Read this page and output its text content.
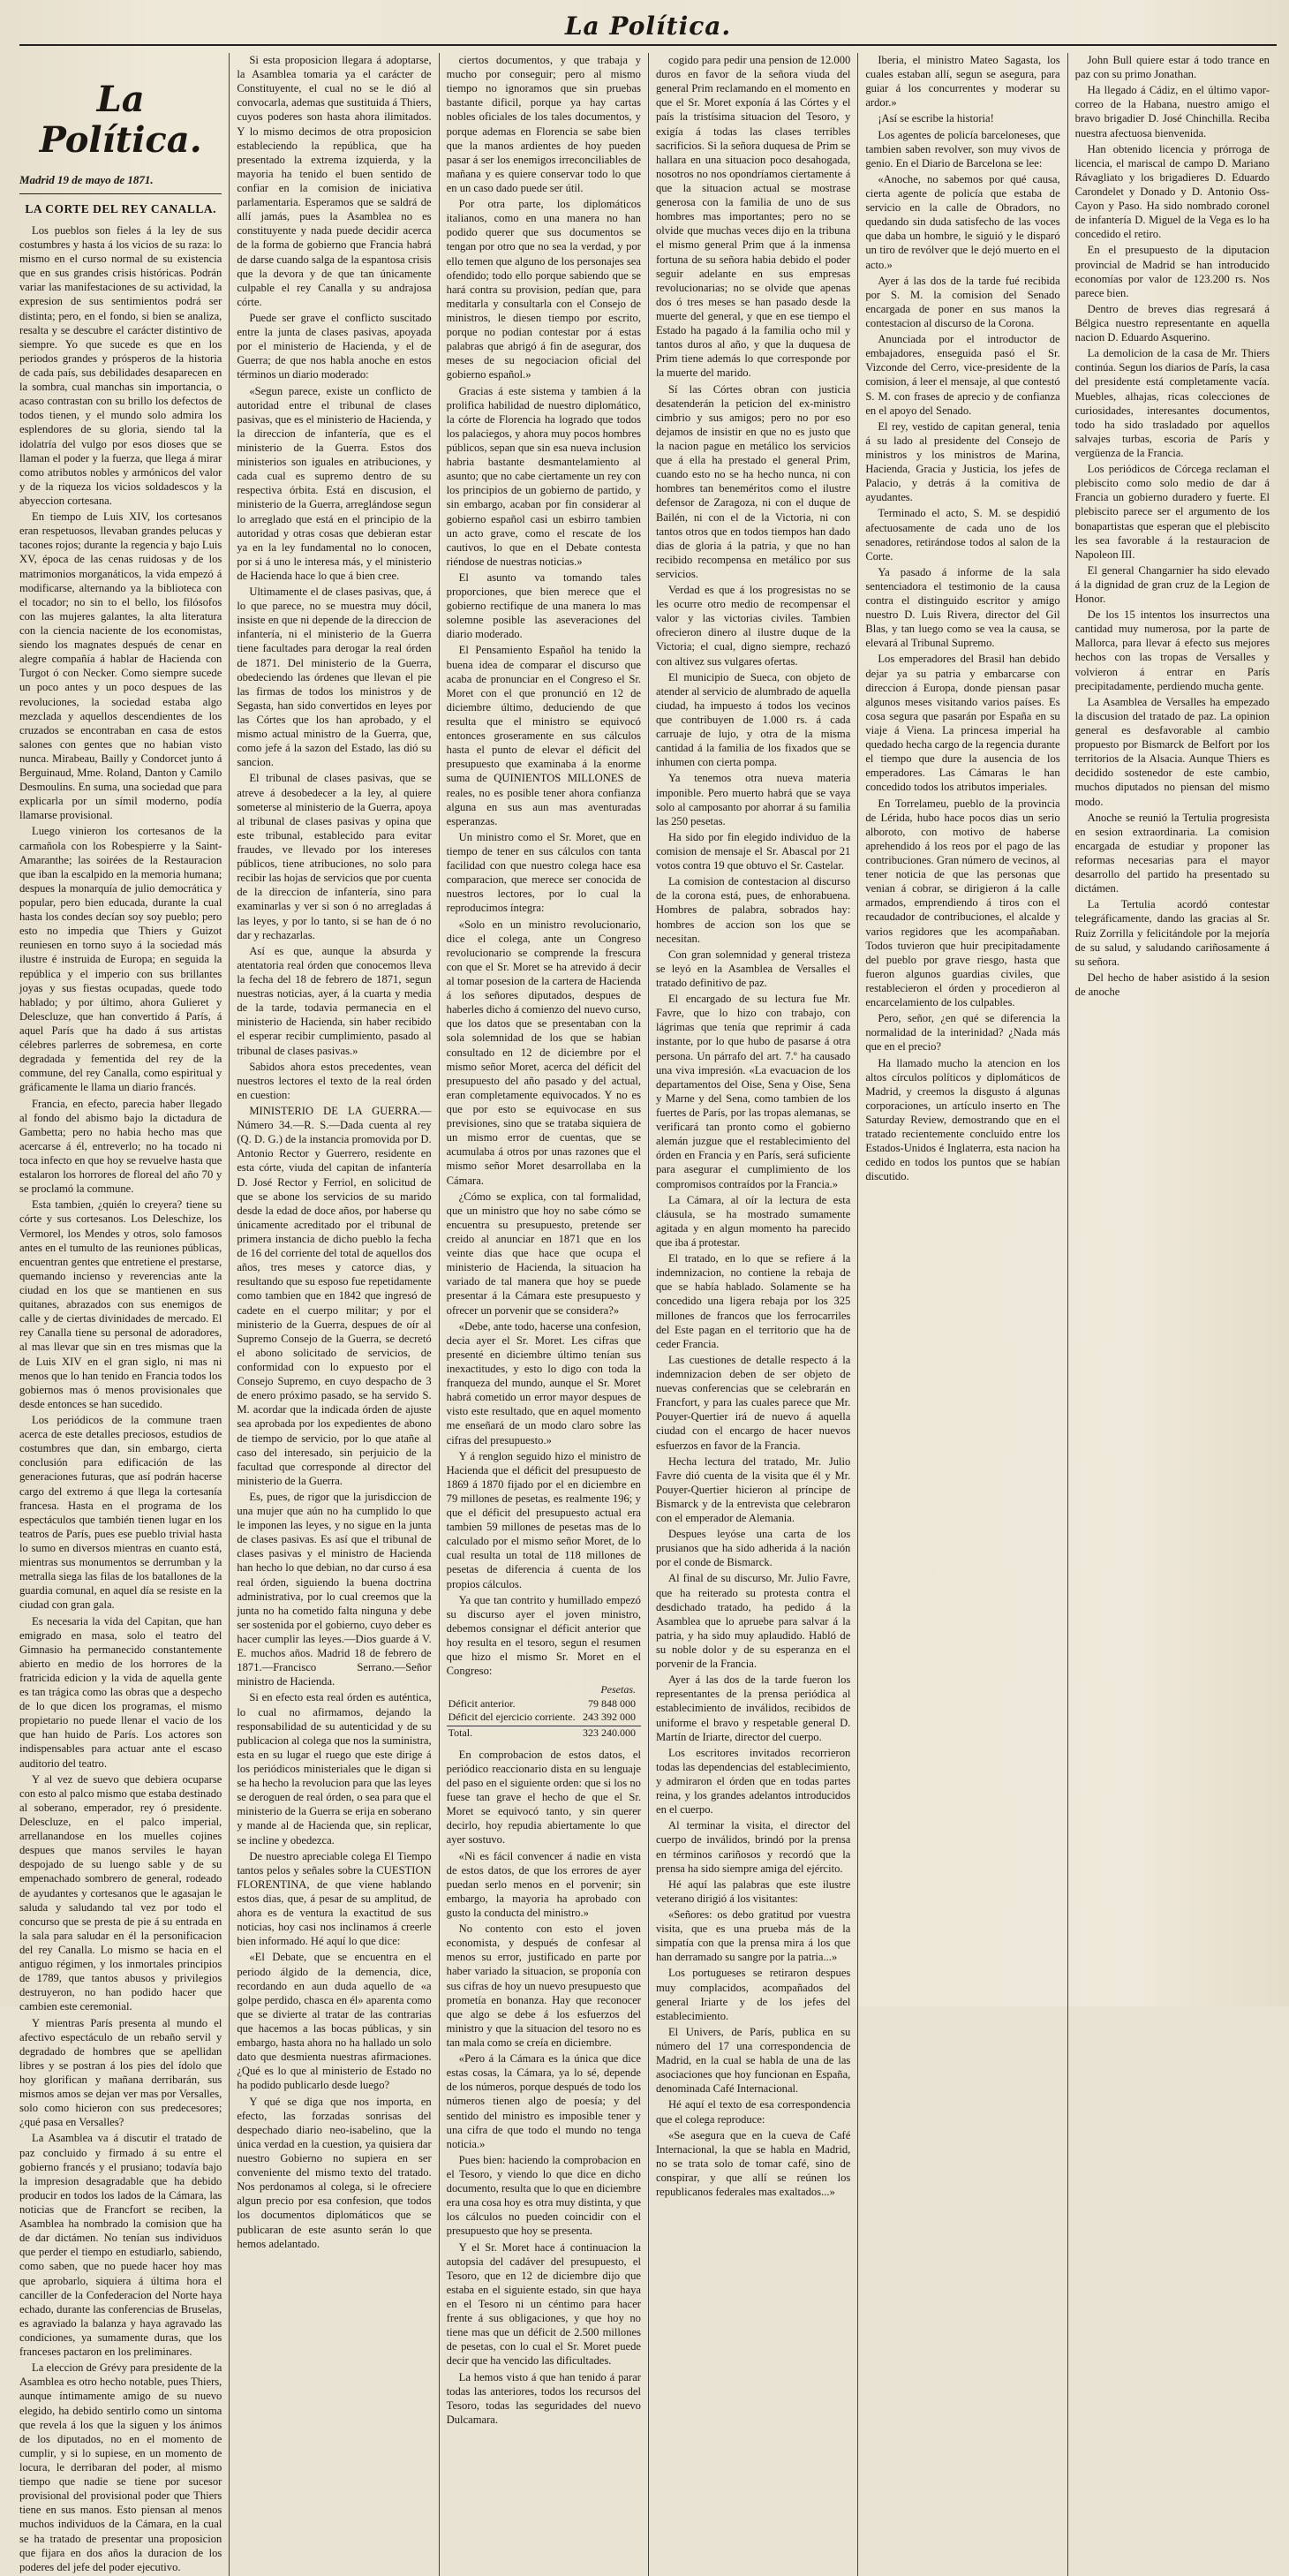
La Política.
La Política.
Madrid 19 de mayo de 1871.
LA CORTE DEL REY CANALLA.

Los pueblos son fieles á la ley de sus costumbres y hasta á los vicios de su raza: lo mismo en el curso normal de su existencia que en sus grandes crisis históricas. Podrán variar las manifestaciones de su actividad, la expresion de sus sentimientos podrá ser distinta; pero, en el fondo, si bien se analiza, resalta y se descubre el carácter distintivo de siempre. Yo que sucede es que en los periodos grandes y prósperos de la historia de cada país, sus debilidades desaparecen en la sombra, cual manchas sin importancia, o acaso contrastan con su brillo los defectos de todos tienen, y el mundo solo admira los esplendores de su gloria, siendo tal la idolatría del vulgo por esos dioses que se llaman el poder y la fuerza, que llega á mirar como atributos nobles y armónicos del valor y de la riqueza los vicios soldadescos y la abyeccion cortesana.

En tiempo de Luis XIV, los cortesanos eran respetuosos, llevaban grandes pelucas y tacones rojos; durante la regencia y bajo Luis XV, época de las cenas ruidosas y de los matrimonios morganáticos, la vida empezó á modificarse, alternando ya la biblioteca con el tocador; no sin to el bello, los filósofos con las mujeres galantes, la alta literatura con la ciencia naciente de los economistas, siendo los magnates después de cenar en alegre compañía á hablar de Hacienda con Turgot ó con Necker. Como siempre sucede un poco antes y un poco despues de las revoluciones, la sociedad estaba algo mezclada y aquellos descendientes de los cruzados se encontraban en casa de estos salones con gentes que no habian visto nunca. Mirabeau, Bailly y Condorcet junto á Berguinaud, Mme. Roland, Danton y Camilo Desmoulins. En suma, una sociedad que para explicarla por un símil moderno, podía llamarse provisional.

Luego vinieron los cortesanos de la carmañola con los Robespierre y la Saint-Amaranthe; las soirées de la Restauracion que iban la escalpido en la memoria humana; despues la monarquía de julio democrática y popular, pero bien educada, durante la cual hasta los condes decían soy soy pueblo; pero esto no impedia que Thiers y Guizot reuniesen en torno suyo á la sociedad más ilustre é instruida de Europa; en seguida la república y el imperio con sus brillantes joyas y sus fiestas ocupadas, quede todo hablado; y por último, ahora Gulieret y Delescluze, que han convertido á París, á aquel París que ha dado á sus artistas célebres parlerres de sobremesa, en corte degradada y fementida del rey de la commune, del rey Canalla, como espiritual y gráficamente le llama un diario francés.

Francia, en efecto, parecia haber llegado al fondo del abismo bajo la dictadura de Gambetta; pero no habia hecho mas que acercarse á él, entreverlo; no ha tocado ni toca infecto en que hoy se revuelve hasta que estalaron los horrores de floreal del año 70 y se proclamó la commune.

Esta tambien, ¿quién lo creyera? tiene su córte y sus cortesanos. Los Deleschize, los Vermorel, los Mendes y otros, solo famosos antes en el tumulto de las reuniones públicas, encuentran gentes que entretiene el prestarse, quemando incienso y reverencias ante la ciudad en los que se mantienen en sus quitanes, abrazados con sus enemigos de calle y de ciertas divinidades de mercado. El rey Canalla tiene su personal de adoradores, al mas llevar que sin en tres mismas que la de Luis XIV en el gran siglo, ni mas ni menos que lo han tenido en Francia todos los gobiernos mas ó menos provisionales que desde entonces se han sucedido.

Los periódicos de la commune traen acerca de este detalles preciosos, estudios de costumbres que dan, sin embargo, cierta conclusión para edificación de las generaciones futuras, que así podrán hacerse cargo del extremo á que llega la cortesanía francesa. Hasta en el programa de los espectáculos que también tienen lugar en los teatros de París, pues ese pueblo trivial hasta lo sumo en diversos mientras en cuanto está, mientras sus monumentos se derrumban y la metralla siega las filas de los batallones de la guardia comunal, en aquel día se resiste en la ciudad con gran gala.

Es necesaria la vida del Capitan, que han emigrado en masa, solo el teatro del Gimnasio ha permanecido constantemente abierto en medio de los horrores de la fratricida edicion y la vida de aquella gente es tan trágica como las obras que a despecho de lo que dicen los programas, el mismo propietario no puede llenar el vacio de los que han huido de París. Los actores son indispensables para actuar ante el escaso auditorio del teatro.

Y al vez de suevo que debiera ocuparse con esto al palco mismo que estaba destinado al soberano, emperador, rey ó presidente. Delescluze, en el palco imperial, arrellanandose en los muelles cojines despues que manos serviles le hayan despojado de su luengo sable y de su empenachado sombrero de general, rodeado de ayudantes y cortesanos que le agasajan le saluda y saludando tal vez por todo el concurso que se presta de pie á su entrada en la sala para saludar en él la personificacion del rey Canalla. Lo mismo se hacia en el antiguo régimen, y los inmortales principios de 1789, que tantos abusos y privilegios destruyeron, no han podido hacer que cambien este ceremonial.

Y mientras París presenta al mundo el afectivo espectáculo de un rebaño servil y degradado de hombres que se apellidan libres y se postran á los pies del ídolo que hoy glorifican y mañana derribarán, sus mismos amos se dejan ver mas por Versalles, solo como hicieron con sus predecesores; ¿qué pasa en Versalles?

La Asamblea va á discutir el tratado de paz concluido y firmado á su entre el gobierno francés y el prusiano; todavía bajo la impresion desagradable que ha debido producir en todos los lados de la Cámara, las noticias que de Francfort se reciben, la Asamblea ha nombrado la comision que ha de dar dictámen. No tenían sus individuos que perder el tiempo en estudiarlo, sabiendo, como saben, que no puede hacer hoy mas que aprobarlo, siquiera á última hora el canciller de la Confederacion del Norte haya echado, durante las conferencias de Bruselas, es agraviado la balanza y haya agravado las condiciones, ya sumamente duras, que los franceses pactaron en los preliminares.

La eleccion de Grévy para presidente de la Asamblea es otro hecho notable, pues Thiers, aunque íntimamente amigo de su nuevo elegido, ha debido sentirlo como un sintoma que revela á los que la siguen y los ánimos de los diputados, no en el momento de cumplir, y si lo supiese, en un momento de locura, le derribaran del poder, al mismo tiempo que nadie se tiene por sucesor provisional del provisional poder que Thiers tiene en sus manos. Esto piensan al menos muchos individuos de la Cámara, en la cual se ha tratado de presentar una proposicion que fijara en dos años la duracion de los poderes del jefe del poder ejecutivo.

Si esta proposicion llegara á adoptarse, la Asamblea tomaria ya el carácter de Constituyente, el cual no se le dió al convocarla, ademas que sustituida á Thiers, cuyos poderes son hasta ahora ilimitados. Y lo mismo decimos de otra proposicion estableciendo la república, que ha presentado la extrema izquierda, y la mayoria ha tenido el buen sentido de confiar en la comision de iniciativa parlamentaria. Esperamos que se saldrá de allí jamás, pues la Asamblea no es constituyente y nada puede decidir acerca de la forma de gobierno que Francia habrá de darse cuando salga de la espantosa crisis que la devora y de que tan únicamente culpable el rey Canalla y su andrajosa córte.

Puede ser grave el conflicto suscitado entre la junta de clases pasivas, apoyada por el ministerio de Hacienda, y el de Guerra; de que nos habla anoche en estos términos un diario moderado:

«Segun parece, existe un conflicto de autoridad entre el tribunal de clases pasivas, que es el ministerio de Hacienda, y la direccion de infantería, que es el ministerio de la Guerra. Estos dos ministerios son iguales en atribuciones, y cada cual es supremo dentro de su respectiva órbita. Está en discusion, el ministerio de la Guerra, arreglándose segun lo arreglado que está en el principio de la autoridad y otras cosas que debieran estar ya en la ley fundamental no lo conocen, por si á uno le interesa más, y el ministerio de Hacienda hace lo que á bien cree.

Ultimamente el de clases pasivas, que, á lo que parece, no se muestra muy dócil, insiste en que ni depende de la direccion de infantería, ni el ministerio de la Guerra tiene facultades para derogar la real órden de 1871. Del ministerio de la Guerra, obedeciendo las órdenes que llevan el pie las firmas de todos los ministros y de Segasta, han sido convertidos en leyes por las Córtes que los han aprobado, y el mismo actual ministro de la Guerra, que, como jefe á la sazon del Estado, las dió su sancion.

El tribunal de clases pasivas, que se atreve á desobedecer a la ley, al quiere someterse al ministerio de la Guerra, apoya al tribunal de clases pasivas y opina que este tribunal, establecido para evitar fraudes, ve llevado por los intereses públicos, tiene atribuciones, no solo para recibir las hojas de servicios que por cuenta de la direccion de infantería, sino para examinarlas y ver si son ó no arregladas á las leyes, y por lo tanto, si se han de ó no dar y rechazarlas.

Así es que, aunque la absurda y atentatoria real órden que conocemos lleva la fecha del 18 de febrero de 1871, segun nuestras noticias, ayer, á la cuarta y media de la tarde, todavia permanecia en el ministerio de Hacienda, sin haber recibido el esperar recibir cumplimiento, pasado al tribunal de clases pasivas.»

Sabidos ahora estos precedentes, vean nuestros lectores el texto de la real órden en cuestion:

MINISTERIO DE LA GUERRA.—Número 34.—R. S.—Dada cuenta al rey (Q. D. G.) de la instancia promovida por D. Antonio Rector y Guerrero, residente en esta córte, viuda del capitan de infantería D. José Rector y Ferriol, en solicitud de que se abone los servicios de su marido desde la edad de doce años, por haberse qu únicamente acreditado por el tribunal de primera instancia de dicho pueblo la fecha de 16 del corriente del total de aquellos dos años, tres meses y catorce dias, y resultando que su esposo fue repetidamente como tambien que en 1842 que ingresó de cadete en el cuerpo militar; y por el ministerio de la Guerra, despues de oír al Supremo Consejo de la Guerra, se decretó el abono solicitado de servicios, de conformidad con lo expuesto por el Consejo Supremo, en cuyo despacho de 3 de enero próximo pasado, se ha servido S. M. acordar que la indicada órden de ajuste sea aprobada por los expedientes de abono de tiempo de servicio, por lo que atañe al caso del interesado, sin perjuicio de la facultad que corresponde al director del ministerio de la Guerra.

Es, pues, de rigor que la jurisdiccion de una mujer que aún no ha cumplido lo que le imponen las leyes, y no sigue en la junta de clases pasivas. Es así que el tribunal de clases pasivas y el ministro de Hacienda han hecho lo que debian, no dar curso á esa real órden, siguiendo la buena doctrina administrativa, por lo cual creemos que la junta no ha cometido falta ninguna y debe ser sostenida por el gobierno, cuyo deber es hacer cumplir las leyes.—Dios guarde á V. E. muchos años. Madrid 18 de febrero de 1871.—Francisco Serrano.—Señor ministro de Hacienda.

Si en efecto esta real órden es auténtica, lo cual no afirmamos, dejando la responsabilidad de su autenticidad y de su publicacion al colega que nos la suministra, esta en su lugar el ruego que este dirige á los periódicos ministeriales que le digan si se ha hecho la revolucion para que las leyes se deroguen de real órden, o sea para que el ministerio de la Guerra se erija en soberano y mande al de Hacienda que, sin replicar, se incline y obedezca.

De nuestro apreciable colega El Tiempo tantos pelos y señales sobre la CUESTION FLORENTINA, de que viene hablando estos dias, que, á pesar de su amplitud, de ahora es de ventura la exactitud de sus noticias, hoy casi nos inclinamos á creerle bien informado. Hé aquí lo que dice:

«El Debate, que se encuentra en el periodo álgido de la demencia, dice, recordando en aun duda aquello de «a golpe perdido, chasca en él» aparenta como que se divierte al tratar de las contrarias que hacemos a las bocas públicas, y sin embargo, hasta ahora no ha hallado un solo dato que desmienta nuestras afirmaciones. ¿Qué es lo que al ministerio de Estado no ha podido publicarlo desde luego?

Y qué se diga que nos importa, en efecto, las forzadas sonrisas del despechado diario neo-isabelino, que la única verdad en la cuestion, ya quisiera dar nuestro Gobierno no supiera en ser conveniente del mismo texto del tratado. Nos perdonamos al colega, si le ofreciere algun precio por esa confesion, que todos los documentos diplomáticos que se publicaran de este asunto serán lo que hemos adelantado.

ciertos documentos, y que trabaja y mucho por conseguir; pero al mismo tiempo no ignoramos que sin pruebas bastante dificil, porque ya hay cartas nobles oficiales de los tales documentos, y porque ademas en Florencia se sabe bien que la manos ardientes de hoy pueden pasar á ser los enemigos irreconciliables de mañana y es quiere conservar todo lo que en un caso dado puede ser útil.

Por otra parte, los diplomáticos italianos, como en una manera no han podido querer que sus documentos se tengan por otro que no sea la verdad, y por ello temen que alguno de los personajes sea ofendido; todo ello porque sabiendo que se hará contra su provision, pedían que, para meditarla y consultarla con el Consejo de ministros, le diesen tiempo por escrito, porque no podian contestar por á estas palabras que abrigó á fin de asegurar, dos meses de su negociacion oficial del gobierno español.»

Gracias á este sistema y tambien á la prolifica habilidad de nuestro diplomático, la córte de Florencia ha logrado que todos los palaciegos, y ahora muy pocos hombres públicos, sepan que sin esa nueva inclusion habria bastante desmantelamiento al asunto; que no cabe ciertamente un rey con los principios de un gobierno de partido, y sin embargo, acaban por fin considerar al gobierno español casi un esbirro tambien un acto grave, como el rescate de los cautivos, lo que en el Debate contesta riéndose de nuestras noticias.»

El asunto va tomando tales proporciones, que bien merece que el gobierno rectifique de una manera lo mas solemne posible las aseveraciones del diario moderado.

El Pensamiento Español ha tenido la buena idea de comparar el discurso que acaba de pronunciar en el Congreso el Sr. Moret con el que pronunció en 12 de diciembre último, deduciendo de que resulta que el ministro se equivocó entonces groseramente en sus cálculos hasta el punto de elevar el déficit del presupuesto que examinaba á la enorme suma de QUINIENTOS MILLONES de reales, no es posible tener ahora confianza alguna en sus aun mas aventuradas esperanzas.

Un ministro como el Sr. Moret, que en tiempo de tener en sus cálculos con tanta facilidad con que nuestro colega hace esa comparacion, que merece ser conocida de nuestros lectores, por lo cual la reproducimos íntegra:

«Solo en un ministro revolucionario, dice el colega, ante un Congreso revolucionario se comprende la frescura con que el Sr. Moret se ha atrevido á decir al tomar posesion de la cartera de Hacienda á los señores diputados, despues de haberles dicho á comienzo del nuevo curso, que los datos que se presentaban con la sola solemnidad de los que se habian consultado en 12 de diciembre por el mismo señor Moret, acerca del déficit del presupuesto del año pasado y del actual, eran completamente equivocados. Y no es que por esto se equivocase en sus previsiones, sino que se trataba siquiera de un mismo error de cuentas, que se acumulaba á otros por unas razones que el mismo señor Moret desarrollaba en la Cámara.

¿Cómo se explica, con tal formalidad, que un ministro que hoy no sabe cómo se encuentra su presupuesto, pretende ser creido al anunciar en 1871 que en los veinte dias que hace que ocupa el ministerio de Hacienda, la situacion ha variado de tal manera que hoy se puede presentar á la Cámara este presupuesto y ofrecer un porvenir que se considera?»

«Debe, ante todo, hacerse una confesion, decia ayer el Sr. Moret. Les cifras que presenté en diciembre último tenían sus inexactitudes, y esto lo digo con toda la franqueza del mundo, aunque el Sr. Moret habrá cometido un error mayor despues de visto este resultado, que en aquel momento me enseñará de un modo claro sobre las cifras del presupuesto.»

Y á renglon seguido hizo el ministro de Hacienda que el déficit del presupuesto de 1869 á 1870 fijado por el en diciembre en 79 millones de pesetas, es realmente 196; y que el déficit del presupuesto actual era tambien 59 millones de pesetas mas de lo calculado por el mismo señor Moret, de lo cual resulta un total de 118 millones de pesetas de diferencia á cuenta de los propios cálculos.

Ya que tan contrito y humillado empezó su discurso ayer el joven ministro, debemos consignar el déficit anterior que hoy resulta en el tesoro, segun el resumen que hizo el mismo Sr. Moret en el Congreso:

Pesetas.
Déficit anterior.	79 848 000
Déficit del ejercicio corriente. 243 392 000
Total.	323 240.000

En comprobacion de estos datos, el periódico reaccionario dista en su lenguaje del paso en el siguiente orden: que si los no fuese tan grave el hecho de que el Sr. Moret se equivocó tanto, y sin querer decirlo, hoy repudia abiertamente lo que ayer sostuvo.

«Ni es fácil convencer á nadie en vista de estos datos, de que los errores de ayer puedan serlo menos en el porvenir; sin embargo, la mayoria ha aprobado con gusto la conducta del ministro.»

No contento con esto el joven economista, y después de confesar al menos su error, justificado en parte por haber variado la situacion, se proponía con sus cifras de hoy un nuevo presupuesto que prometía en bonanza. Hay que reconocer que algo se debe á los esfuerzos del ministro y que la situacion del tesoro no es tan mala como se creía en diciembre.

«Pero á la Cámara es la única que dice estas cosas, la Cámara, ya lo sé, depende de los números, porque después de todo los números tienen algo de poesía; y del sentido del ministro es imposible tener y una cifra de que todo el mundo no tenga noticia.»

Pues bien: haciendo la comprobacion en el Tesoro, y viendo lo que dice en dicho documento, resulta que lo que en diciembre era una cosa hoy es otra muy distinta, y que los cálculos no pueden coincidir con el presupuesto que hoy se presenta.

Y el Sr. Moret hace á continuacion la autopsia del cadáver del presupuesto, el Tesoro, que en 12 de diciembre dijo que estaba en el siguiente estado, sin que haya en el Tesoro ni un céntimo para hacer frente á sus obligaciones, y que hoy no tiene mas que un déficit de 2.500 millones de pesetas, con lo cual el Sr. Moret puede decir que ha vencido las dificultades.

La hemos visto á que han tenido á parar todas las anteriores, todos los recursos del Tesoro, todas las seguridades del nuevo Dulcamara.

cogido para pedir una pension de 12.000 duros en favor de la señora viuda del general Prim reclamando en el momento en que el Sr. Moret exponía á las Córtes y el país la tristísima situacion del Tesoro, y exigía á todas las clases terribles sacrificios. Si la señora duquesa de Prim se hallara en una situacion poco desahogada, nosotros no nos opondríamos ciertamente á que la situacion actual se mostrase generosa con la familia de uno de sus hombres mas importantes; pero no se olvide que muchas veces dijo en la tribuna el mismo general Prim que á la inmensa fortuna de su señora habia debido el poder seguir adelante en sus empresas revolucionarias; no se olvide que apenas dos ó tres meses se han pasado desde la muerte del general, y que en ese tiempo el Estado ha pagado á la familia ocho mil y tantos duros al año, y que la duquesa de Prim tiene además lo que corresponde por la muerte del marido.

Sí las Córtes obran con justicia desatenderán la peticion del ex-ministro cimbrio y sus amigos; pero no por eso dejamos de insistir en que no es justo que la nacion pague en metálico los servicios que á ella ha prestado el general Prim, cuando esto no se ha hecho nunca, ni con hombres tan beneméritos como el ilustre defensor de Zaragoza, ni con el duque de Bailén, ni con el de la Victoria, ni con tantos otros que en todos tiempos han dado dias de gloria á la patria, y que no han recibido recompensa en metálico por sus servicios.

Verdad es que á los progresistas no se les ocurre otro medio de recompensar el valor y las victorias civiles. Tambien ofrecieron dinero al ilustre duque de la Victoria; el cual, digno siempre, rechazó con altivez sus vulgares ofertas.

El municipio de Sueca, con objeto de atender al servicio de alumbrado de aquella ciudad, ha impuesto á todos los vecinos que contribuyen de 1.000 rs. á cada carruaje de lujo, y otra de la misma cantidad á la familia de los fixados que se inhumen con cierta pompa.

Ya tenemos otra nueva materia imponible. Pero muerto habrá que se vaya solo al camposanto por ahorrar á su familia las 250 pesetas.

Ha sido por fin elegido individuo de la comision de mensaje el Sr. Abascal por 21 votos contra 19 que obtuvo el Sr. Castelar.

La comision de contestacion al discurso de la corona está, pues, de enhorabuena. Hombres de palabra, sobrados hay: hombres de accion son los que se necesitan.

Con gran solemnidad y general tristeza se leyó en la Asamblea de Versalles el tratado definitivo de paz.

El encargado de su lectura fue Mr. Favre, que lo hizo con trabajo, con lágrimas que tenía que reprimir á cada instante, por lo que hubo de pasarse á otra persona. Un párrafo del art. 7.º ha causado una viva impresión. «La evacuacion de los departamentos del Oise, Sena y Oise, Sena y Marne y del Sena, como tambien de los fuertes de París, por las tropas alemanas, se verificará tan pronto como el gobierno alemán juzgue que el restablecimiento del órden en Francia y en París, será suficiente para asegurar el cumplimiento de los compromisos contraídos por la Francia.»

La Cámara, al oír la lectura de esta cláusula, se ha mostrado sumamente agitada y en algun momento ha parecido que iba á protestar.

El tratado, en lo que se refiere á la indemnizacion, no contiene la rebaja de que se había hablado. Solamente se ha concedido una ligera rebaja por los 325 millones de francos que los ferrocarriles del Este pagan en el territorio que ha de ceder Francia.

Las cuestiones de detalle respecto á la indemnizacion deben de ser objeto de nuevas conferencias que se celebrarán en Francfort, y para las cuales parece que Mr. Pouyer-Quertier irá de nuevo á aquella ciudad con el encargo de hacer nuevos esfuerzos en favor de la Francia.

Hecha lectura del tratado, Mr. Julio Favre dió cuenta de la visita que él y Mr. Pouyer-Quertier hicieron al príncipe de Bismarck y de la entrevista que celebraron con el emperador de Alemania.

Despues leyóse una carta de los prusianos que ha sido adherida á la nación por el conde de Bismarck.

Al final de su discurso, Mr. Julio Favre, que ha reiterado su protesta contra el desdichado tratado, ha pedido á la Asamblea que lo apruebe para salvar á la patria, y ha sido muy aplaudido. Habló de su noble dolor y de su esperanza en el porvenir de la Francia.

Ayer á las dos de la tarde fueron los representantes de la prensa periódica al establecimiento de inválidos, recibidos de uniforme el bravo y respetable general D. Martín de Iriarte, director del cuerpo.

Los escritores invitados recorrieron todas las dependencias del establecimiento, y admiraron el órden que en todas partes reina, y los grandes adelantos introducidos en el cuerpo.

Al terminar la visita, el director del cuerpo de inválidos, brindó por la prensa en términos cariñosos y recordó que la prensa ha sido siempre amiga del ejército.

Hé aquí las palabras que este ilustre veterano dirigió á los visitantes:

«Señores: os debo gratitud por vuestra visita, que es una prueba más de la simpatía con que la prensa mira á los que han derramado su sangre por la patria...»

Los portugueses se retiraron despues muy complacidos, acompañados del general Iriarte y de los jefes del establecimiento.

El Univers, de París, publica en su número del 17 una correspondencia de Madrid, en la cual se habla de una de las asociaciones que hoy funcionan en España, denominada Café Internacional.

Hé aquí el texto de esa correspondencia que el colega reproduce:

«Se asegura que en la cueva de Café Internacional, la que se habla en Madrid, no se trata solo de tomar café, sino de conspirar, y que allí se reúnen los republicanos federales mas exaltados...»

Iberia, el ministro Mateo Sagasta, los cuales estaban allí, segun se asegura, para guiar á los concurrentes y moderar su ardor.»

¡Así se escribe la historia!

Los agentes de policía barceloneses, que tambien saben revolver, son muy vivos de genio. En el Diario de Barcelona se lee:

«Anoche, no sabemos por qué causa, cierta agente de policía que estaba de servicio en la calle de Obradors, no quedando sin duda satisfecho de las voces que daba un hombre, le siguió y le disparó un tiro de revólver que le dejó muerto en el acto.»

Ayer á las dos de la tarde fué recibida por S. M. la comision del Senado encargada de poner en sus manos la contestacion al discurso de la Corona.

Anunciada por el introductor de embajadores, enseguida pasó el Sr. Vizconde del Cerro, vice-presidente de la comision, á leer el mensaje, al que contestó S. M. con frases de aprecio y de confianza en el apoyo del Senado.

El rey, vestido de capitan general, tenia á su lado al presidente del Consejo de ministros y los ministros de Marina, Hacienda, Gracia y Justicia, los jefes de Palacio, y detrás á la comitiva de ayudantes.

Terminado el acto, S. M. se despidió afectuosamente de cada uno de los senadores, retirándose todos al salon de la Corte.

Ya pasado á informe de la sala sentenciadora el testimonio de la causa contra el distinguido escritor y amigo nuestro D. Luis Rivera, director del Gil Blas, y tan luego como se vea la causa, se elevará al Tribunal Supremo.

Los emperadores del Brasil han debido dejar ya su patria y embarcarse con direccion á Europa, donde piensan pasar algunos meses visitando varios países. Es cosa segura que pasarán por España en su viaje á Viena. La princesa imperial ha quedado hecha cargo de la regencia durante el tiempo que dure la ausencia de los emperadores. Las Cámaras le han concedido todos los atributos imperiales.

En Torrelameu, pueblo de la provincia de Lérida, hubo hace pocos dias un serio alboroto, con motivo de haberse aprehendido á los reos por el pago de las contribuciones. Gran número de vecinos, al tener noticia de que las personas que venian á cobrar, se dirigieron á la calle armados, emprendiendo á tiros con el recaudador de contribuciones, el alcalde y varios regidores que les acompañaban. Todos tuvieron que huir precipitadamente del pueblo por grave riesgo, hasta que fueron algunos guardias civiles, que restablecieron el órden y procedieron al encarcelamiento de los culpables.

Pero, señor, ¿en qué se diferencia la normalidad de la interinidad? ¿Nada más que en el precio?

Ha llamado mucho la atencion en los altos círculos políticos y diplomáticos de Madrid, y creemos la disgusto á algunas corporaciones, un artículo inserto en The Saturday Review, demostrando que en el tratado recientemente concluido entre los Estados-Unidos é Inglaterra, esta nacion ha cedido en todos los puntos que se habían discutido.

John Bull quiere estar á todo trance en paz con su primo Jonathan.

Ha llegado á Cádiz, en el último vapor-correo de la Habana, nuestro amigo el bravo brigadier D. José Chinchilla. Reciba nuestra afectuosa bienvenida.

Han obtenido licencia y prórroga de licencia, el mariscal de campo D. Mariano Rávagliato y los brigadieres D. Eduardo Carondelet y Donado y D. Antonio Oss-Cayon y Paso. Ha sido nombrado coronel de infantería D. Miguel de la Vega es lo ha concedido el retiro.

En el presupuesto de la diputacion provincial de Madrid se han introducido economías por valor de 123.200 rs. Nos parece bien.

Dentro de breves dias regresará á Bélgica nuestro representante en aquella nacion D. Eduardo Asquerino.

La demolicion de la casa de Mr. Thiers continúa. Segun los diarios de París, la casa del presidente está completamente vacía. Muebles, alhajas, ricas colecciones de curiosidades, interesantes documentos, todo ha sido trasladado por aquellos salvajes turbas, escoria de París y vergüenza de la Francia.

Los periódicos de Córcega reclaman el plebiscito como solo medio de dar á Francia un gobierno duradero y fuerte. El plebiscito parece ser el argumento de los bonapartistas que esperan que el plebiscito les sea favorable á la restauracion de Napoleon III.

El general Changarnier ha sido elevado á la dignidad de gran cruz de la Legion de Honor.

De los 15 intentos los insurrectos una cantidad muy numerosa, por la parte de Mallorca, para llevar á efecto sus mejores hechos con las tropas de Versalles y volvieron á entrar en París precipitadamente, perdiendo mucha gente.

La Asamblea de Versalles ha empezado la discusion del tratado de paz. La opinion general es desfavorable al cambio propuesto por Bismarck de Belfort por los territorios de la Alsacia. Aunque Thiers es decidido sostenedor de este cambio, muchos diputados no piensan del mismo modo.

Anoche se reunió la Tertulia progresista en sesion extraordinaria. La comision encargada de estudiar y proponer las reformas necesarias para el mayor desarrollo del partido ha presentado su dictámen.

La Tertulia acordó contestar telegráficamente, dando las gracias al Sr. Ruiz Zorrilla y felicitándole por la mejoría de su salud, y saludando cariñosamente á su señora.

Del hecho de haber asistido á la sesion de anoche
